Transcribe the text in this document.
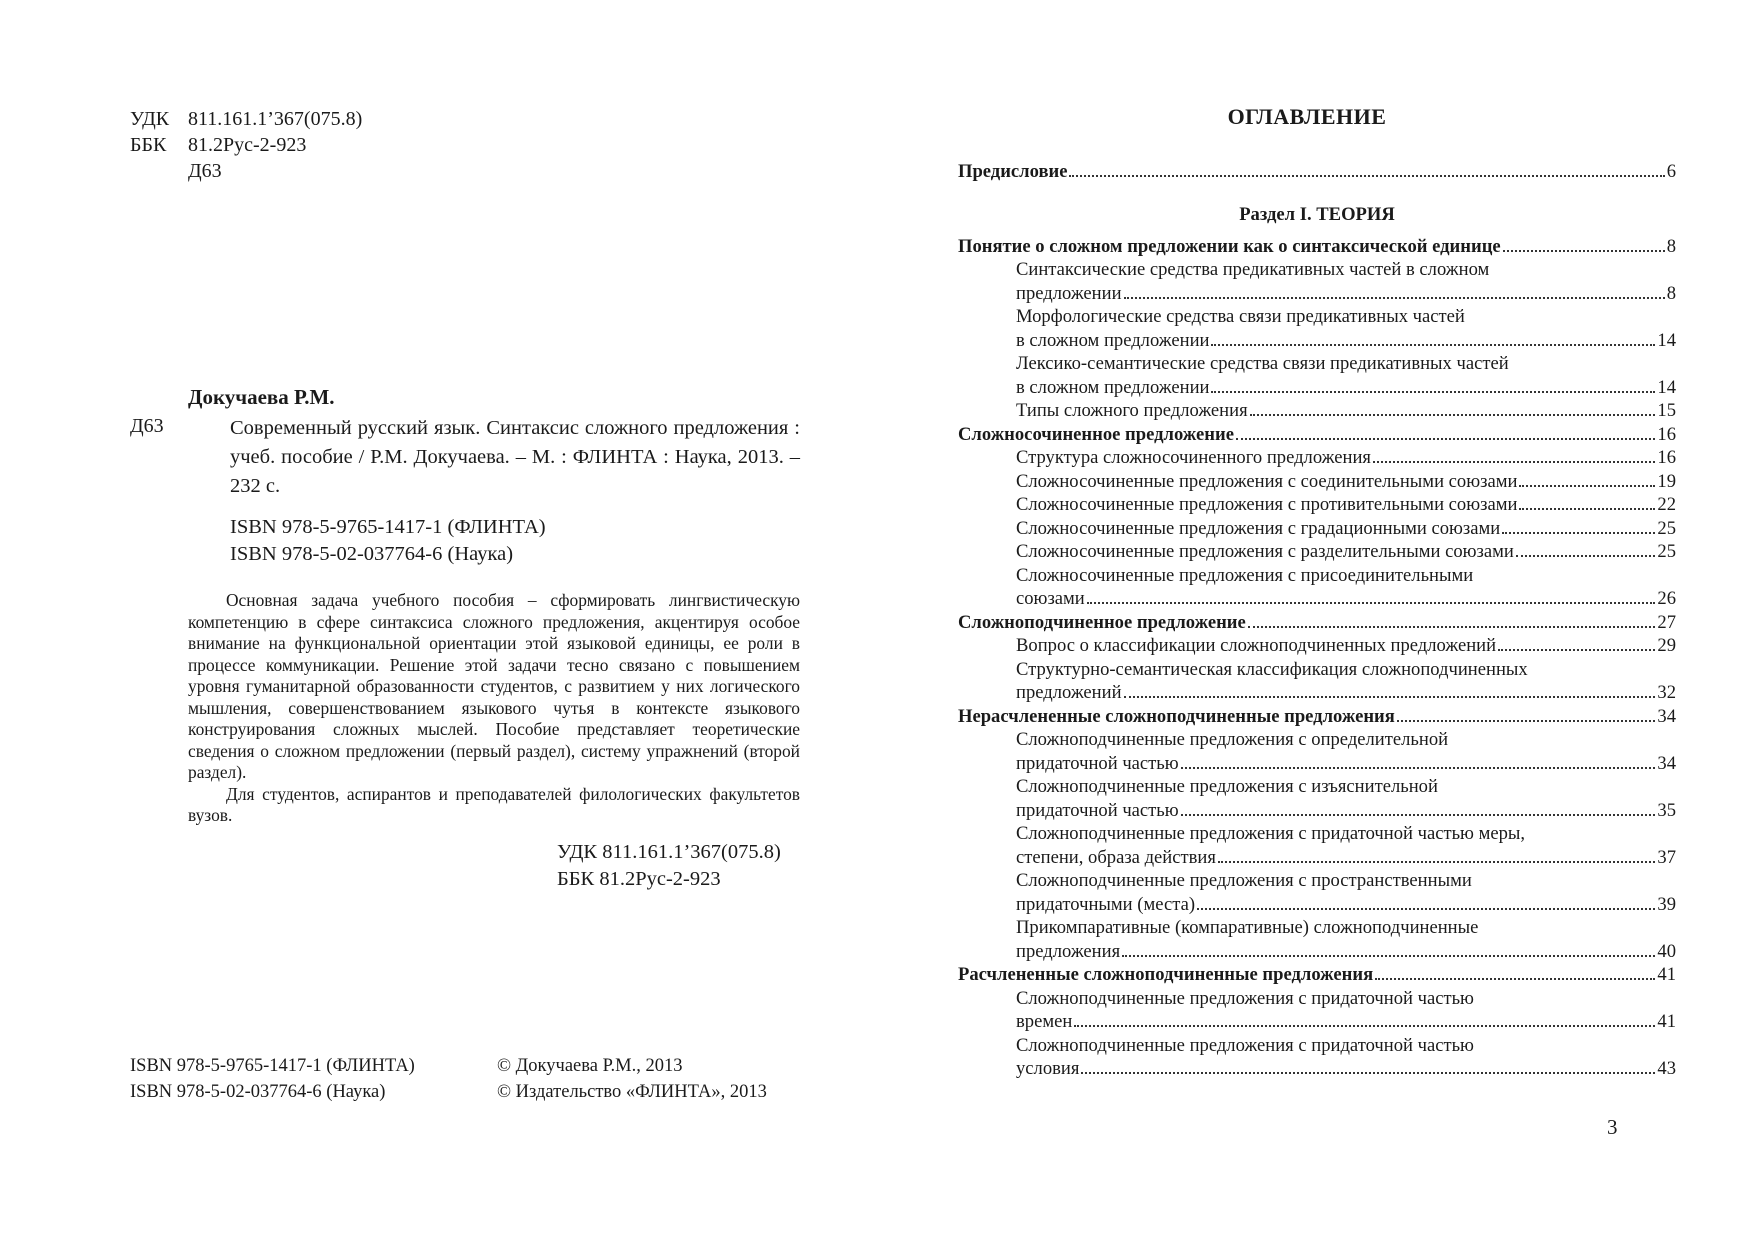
УДК 811.161.1’367(075.8)
ББК	81.2Рус-2-923
Д63
Докучаева Р.М.
Д63	Современный русский язык. Синтаксис сложного предложения : учеб. пособие / Р.М. Докучаева. – М. : ФЛИНТА : Наука, 2013. – 232 с.
ISBN 978-5-9765-1417-1 (ФЛИНТА)
ISBN 978-5-02-037764-6 (Наука)

Основная задача учебного пособия – сформировать лингвистическую компетенцию в сфере синтаксиса сложного предложения, акцентируя особое внимание на функциональной ориентации этой языковой единицы, ее роли в процессе коммуникации. Решение этой задачи тесно связано с повышением уровня гуманитарной образованности студентов, с развитием у них логического мышления, совершенствованием языкового чутья в контексте языкового конструирования сложных мыслей. Пособие представляет теоретические сведения о сложном предложении (первый раздел), систему упражнений (второй раздел).

Для студентов, аспирантов и преподавателей филологических факультетов вузов.

УДК 811.161.1’367(075.8)
ББК 81.2Рус-2-923
ISBN 978-5-9765-1417-1 (ФЛИНТА)
ISBN 978-5-02-037764-6 (Наука)
© Докучаева Р.М., 2013
© Издательство «ФЛИНТА», 2013
ОГЛАВЛЕНИЕ
Предисловие	6
Раздел I. ТЕОРИЯ
Понятие о сложном предложении как о синтаксической единице	8
Синтаксические средства предикативных частей в сложном
предложении	8
Морфологические средства связи предикативных частей
в сложном предложении	14
Лексико-семантические средства связи предикативных частей
в сложном предложении	14
Типы сложного предложения	15
Сложносочиненное предложение	16
Структура сложносочиненного предложения	16
Сложносочиненные предложения с соединительными союзами	19
Сложносочиненные предложения с противительными союзами	22
Сложносочиненные предложения с градационными союзами	25
Сложносочиненные предложения с разделительными союзами	25
Сложносочиненные предложения с присоединительными
союзами	26
Сложноподчиненное предложение	27
Вопрос о классификации сложноподчиненных предложений	29
Структурно-семантическая классификация сложноподчиненных
предложений	32
Нерасчлененные сложноподчиненные предложения	34
Сложноподчиненные предложения с определительной
придаточной частью	34
Сложноподчиненные предложения с изъяснительной
придаточной частью	35
Сложноподчиненные предложения с придаточной частью меры,
степени, образа действия	37
Сложноподчиненные предложения с пространственными
придаточными (места)	39
Прикомпаративные (компаративные) сложноподчиненные
предложения	40
Расчлененные сложноподчиненные предложения	41
Сложноподчиненные предложения с придаточной частью
времен	41
Сложноподчиненные предложения с придаточной частью
условия	43
3
